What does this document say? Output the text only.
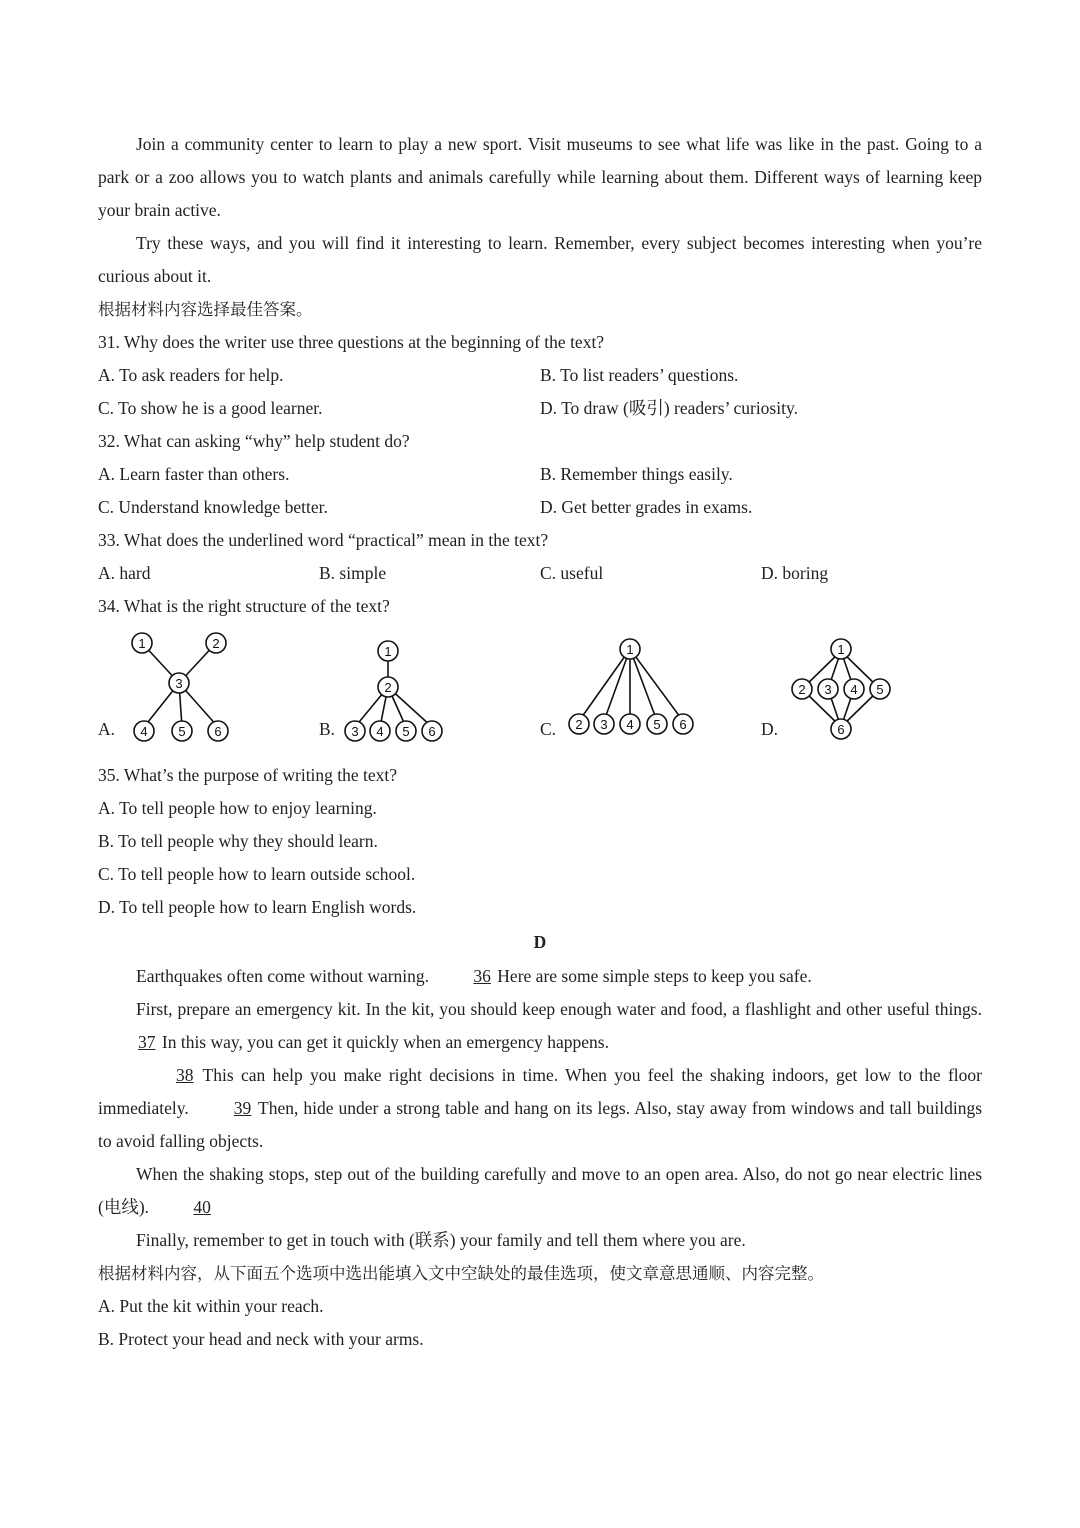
Join a community center to learn to play a new sport. Visit museums to see what life was like in the past. Going to a park or a zoo allows you to watch plants and animals carefully while learning about them. Different ways of learning keep your brain active.

Try these ways, and you will find it interesting to learn. Remember, every subject becomes interesting when you’re curious about it.

根据材料内容选择最佳答案。
31. Why does the writer use three questions at the beginning of the text?
A. To ask readers for help.	B. To list readers’ questions.
C. To show he is a good learner.	D. To draw (吸引) readers’ curiosity.
32. What can asking “why” help student do?
A. Learn faster than others.	B. Remember things easily.
C. Understand knowledge better.	D. Get better grades in exams.
33. What does the underlined word “practical” mean in the text?
A. hard	B. simple	C. useful	D. boring
34. What is the right structure of the text?
A.
1	2
3
4 5 6	B.
1
2
3 4 5 6	C.
1
2 3 4 5 6	D.
1
2 3 4 5
6
35. What’s the purpose of writing the text?
A. To tell people how to enjoy learning.
B. To tell people why they should learn.
C. To tell people how to learn outside school.
D. To tell people how to learn English words.
D

Earthquakes often come without warning.	36 Here are some simple steps to keep you safe.

First, prepare an emergency kit. In the kit, you should keep enough water and food, a flashlight and other useful things. 37 In this way, you can get it quickly when an emergency happens.

38 This can help you make right decisions in time. When you feel the shaking indoors, get low to the floor immediately.	39 Then, hide under a strong table and hang on its legs. Also, stay away from windows and tall buildings to avoid falling objects.

When the shaking stops, step out of the building carefully and move to an open area. Also, do not go near electric lines (电线).	40

Finally, remember to get in touch with (联系) your family and tell them where you are.

根据材料内容，从下面五个选项中选出能填入文中空缺处的最佳选项，使文章意思通顺、内容完整。
A. Put the kit within your reach.
B. Protect your head and neck with your arms.
